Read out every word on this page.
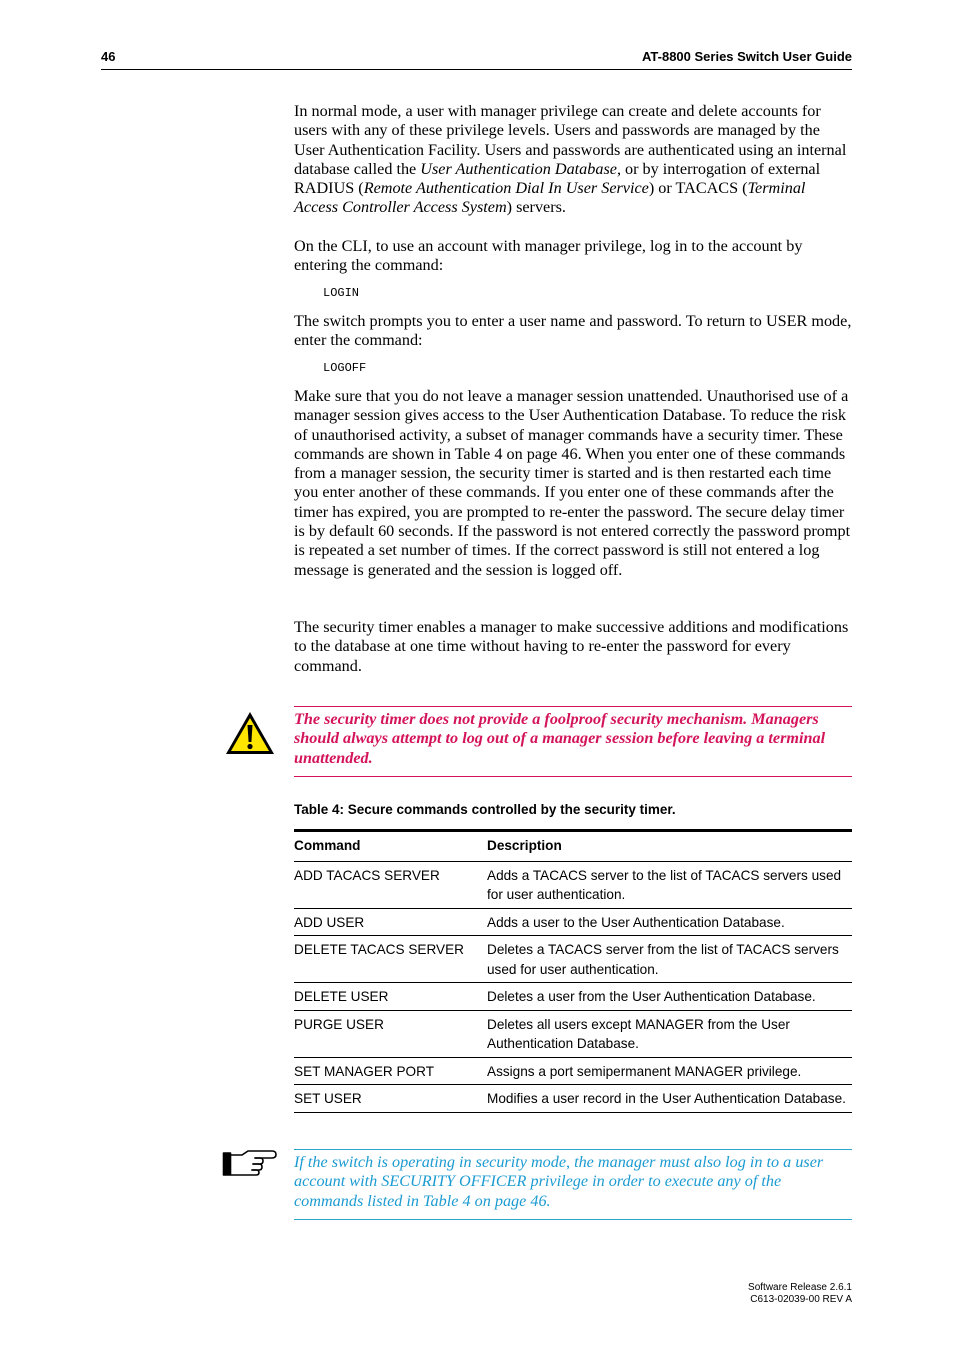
46	AT-8800 Series Switch User Guide

In normal mode, a user with manager privilege can create and delete accounts for users with any of these privilege levels. Users and passwords are managed by the User Authentication Facility. Users and passwords are authenticated using an internal database called the User Authentication Database, or by interrogation of external RADIUS (Remote Authentication Dial In User Service) or TACACS (Terminal Access Controller Access System) servers.

On the CLI, to use an account with manager privilege, log in to the account by entering the command:
LOGIN
The switch prompts you to enter a user name and password. To return to USER mode, enter the command:
LOGOFF
Make sure that you do not leave a manager session unattended. Unauthorised use of a manager session gives access to the User Authentication Database. To reduce the risk of unauthorised activity, a subset of manager commands have a security timer. These commands are shown in Table 4 on page 46. When you enter one of these commands from a manager session, the security timer is started and is then restarted each time you enter another of these commands. If you enter one of these commands after the timer has expired, you are prompted to re-enter the password. The secure delay timer is by default 60 seconds. If the password is not entered correctly the password prompt is repeated a set number of times. If the correct password is still not entered a log message is generated and the session is logged off.
The security timer enables a manager to make successive additions and modifications to the database at one time without having to re-enter the password for every command.
The security timer does not provide a foolproof security mechanism. Managers should always attempt to log out of a manager session before leaving a terminal unattended.
Table 4: Secure commands controlled by the security timer.
Command	Description
ADD TACACS SERVER	Adds a TACACS server to the list of TACACS servers used for user authentication.
ADD USER	Adds a user to the User Authentication Database.
DELETE TACACS SERVER	Deletes a TACACS server from the list of TACACS servers used for user authentication.
DELETE USER	Deletes a user from the User Authentication Database.
PURGE USER	Deletes all users except MANAGER from the User Authentication Database.
SET MANAGER PORT	Assigns a port semipermanent MANAGER privilege.
SET USER	Modifies a user record in the User Authentication Database.
If the switch is operating in security mode, the manager must also log in to a user account with SECURITY OFFICER privilege in order to execute any of the commands listed in Table 4 on page 46.
Software Release 2.6.1
C613-02039-00 REV A
